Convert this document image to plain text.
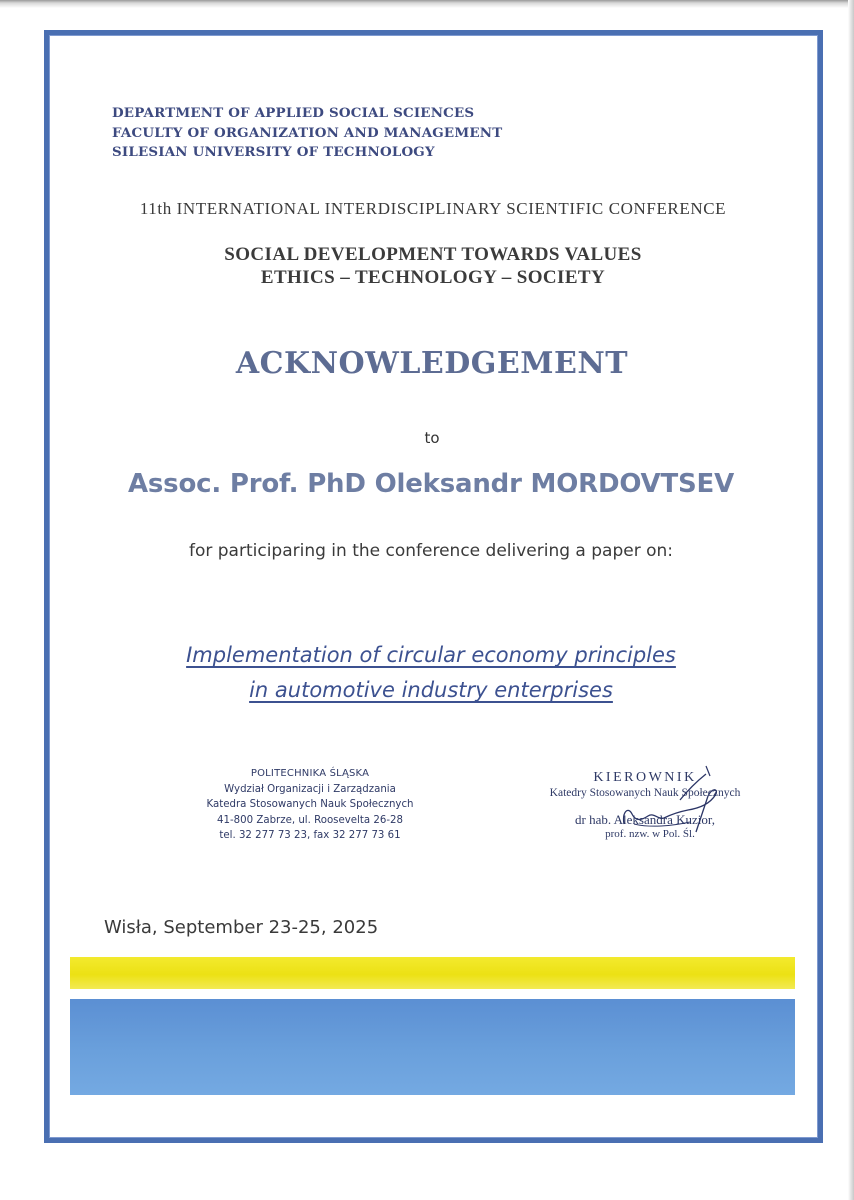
DEPARTMENT OF APPLIED SOCIAL SCIENCES
FACULTY OF ORGANIZATION AND MANAGEMENT
SILESIAN UNIVERSITY OF TECHNOLOGY
11th INTERNATIONAL INTERDISCIPLINARY SCIENTIFIC CONFERENCE
SOCIAL DEVELOPMENT TOWARDS VALUES
ETHICS – TECHNOLOGY – SOCIETY
ACKNOWLEDGEMENT
to
Assoc. Prof. PhD Oleksandr MORDOVTSEV
for participaring in the conference delivering a paper on:
Implementation of circular economy principles
in automotive industry enterprises
POLITECHNIKA ŚLĄSKA
Wydział Organizacji i Zarządzania
Katedra Stosowanych Nauk Społecznych
41-800 Zabrze, ul. Roosevelta 26-28
tel. 32 277 73 23, fax 32 277 73 61
KIEROWNIK
Katedry Stosowanych Nauk Społecznych
dr hab. Aleksandra Kuzior,
prof. nzw. w Pol. Śl.
Wisła, September 23-25, 2025
